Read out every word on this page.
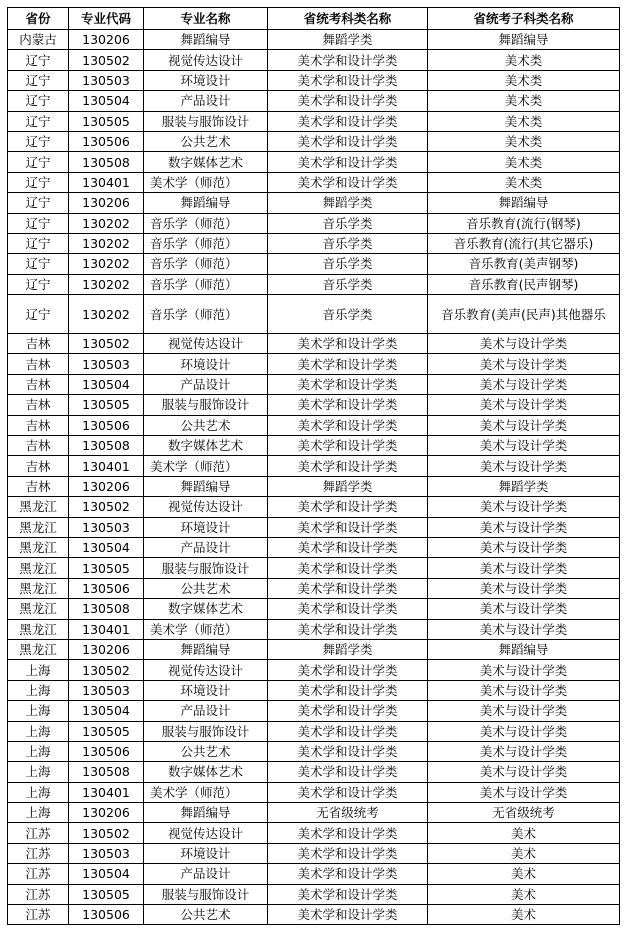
省份	专业代码	专业名称	省统考科类名称	省统考子科类名称
内蒙古	130206	舞蹈编导	舞蹈学类	舞蹈编导
辽宁	130502	视觉传达设计	美术学和设计学类	美术类
辽宁	130503	环境设计	美术学和设计学类	美术类
辽宁	130504	产品设计	美术学和设计学类	美术类
辽宁	130505	服装与服饰设计	美术学和设计学类	美术类
辽宁	130506	公共艺术	美术学和设计学类	美术类
辽宁	130508	数字媒体艺术	美术学和设计学类	美术类
辽宁	130401	美术学（师范）	美术学和设计学类	美术类
辽宁	130206	舞蹈编导	舞蹈学类	舞蹈编导
辽宁	130202	音乐学（师范）	音乐学类	音乐教育(流行(钢琴)
辽宁	130202	音乐学（师范）	音乐学类	音乐教育(流行(其它器乐)
辽宁	130202	音乐学（师范）	音乐学类	音乐教育(美声钢琴)
辽宁	130202	音乐学（师范）	音乐学类	音乐教育(民声钢琴)
辽宁	130202	音乐学（师范）	音乐学类	音乐教育(美声(民声)其他器乐
吉林	130502	视觉传达设计	美术学和设计学类	美术与设计学类
吉林	130503	环境设计	美术学和设计学类	美术与设计学类
吉林	130504	产品设计	美术学和设计学类	美术与设计学类
吉林	130505	服装与服饰设计	美术学和设计学类	美术与设计学类
吉林	130506	公共艺术	美术学和设计学类	美术与设计学类
吉林	130508	数字媒体艺术	美术学和设计学类	美术与设计学类
吉林	130401	美术学（师范）	美术学和设计学类	美术与设计学类
吉林	130206	舞蹈编导	舞蹈学类	舞蹈学类
黑龙江	130502	视觉传达设计	美术学和设计学类	美术与设计学类
黑龙江	130503	环境设计	美术学和设计学类	美术与设计学类
黑龙江	130504	产品设计	美术学和设计学类	美术与设计学类
黑龙江	130505	服装与服饰设计	美术学和设计学类	美术与设计学类
黑龙江	130506	公共艺术	美术学和设计学类	美术与设计学类
黑龙江	130508	数字媒体艺术	美术学和设计学类	美术与设计学类
黑龙江	130401	美术学（师范）	美术学和设计学类	美术与设计学类
黑龙江	130206	舞蹈编导	舞蹈学类	舞蹈编导
上海	130502	视觉传达设计	美术学和设计学类	美术与设计学类
上海	130503	环境设计	美术学和设计学类	美术与设计学类
上海	130504	产品设计	美术学和设计学类	美术与设计学类
上海	130505	服装与服饰设计	美术学和设计学类	美术与设计学类
上海	130506	公共艺术	美术学和设计学类	美术与设计学类
上海	130508	数字媒体艺术	美术学和设计学类	美术与设计学类
上海	130401	美术学（师范）	美术学和设计学类	美术与设计学类
上海	130206	舞蹈编导	无省级统考	无省级统考
江苏	130502	视觉传达设计	美术学和设计学类	美术
江苏	130503	环境设计	美术学和设计学类	美术
江苏	130504	产品设计	美术学和设计学类	美术
江苏	130505	服装与服饰设计	美术学和设计学类	美术
江苏	130506	公共艺术	美术学和设计学类	美术
